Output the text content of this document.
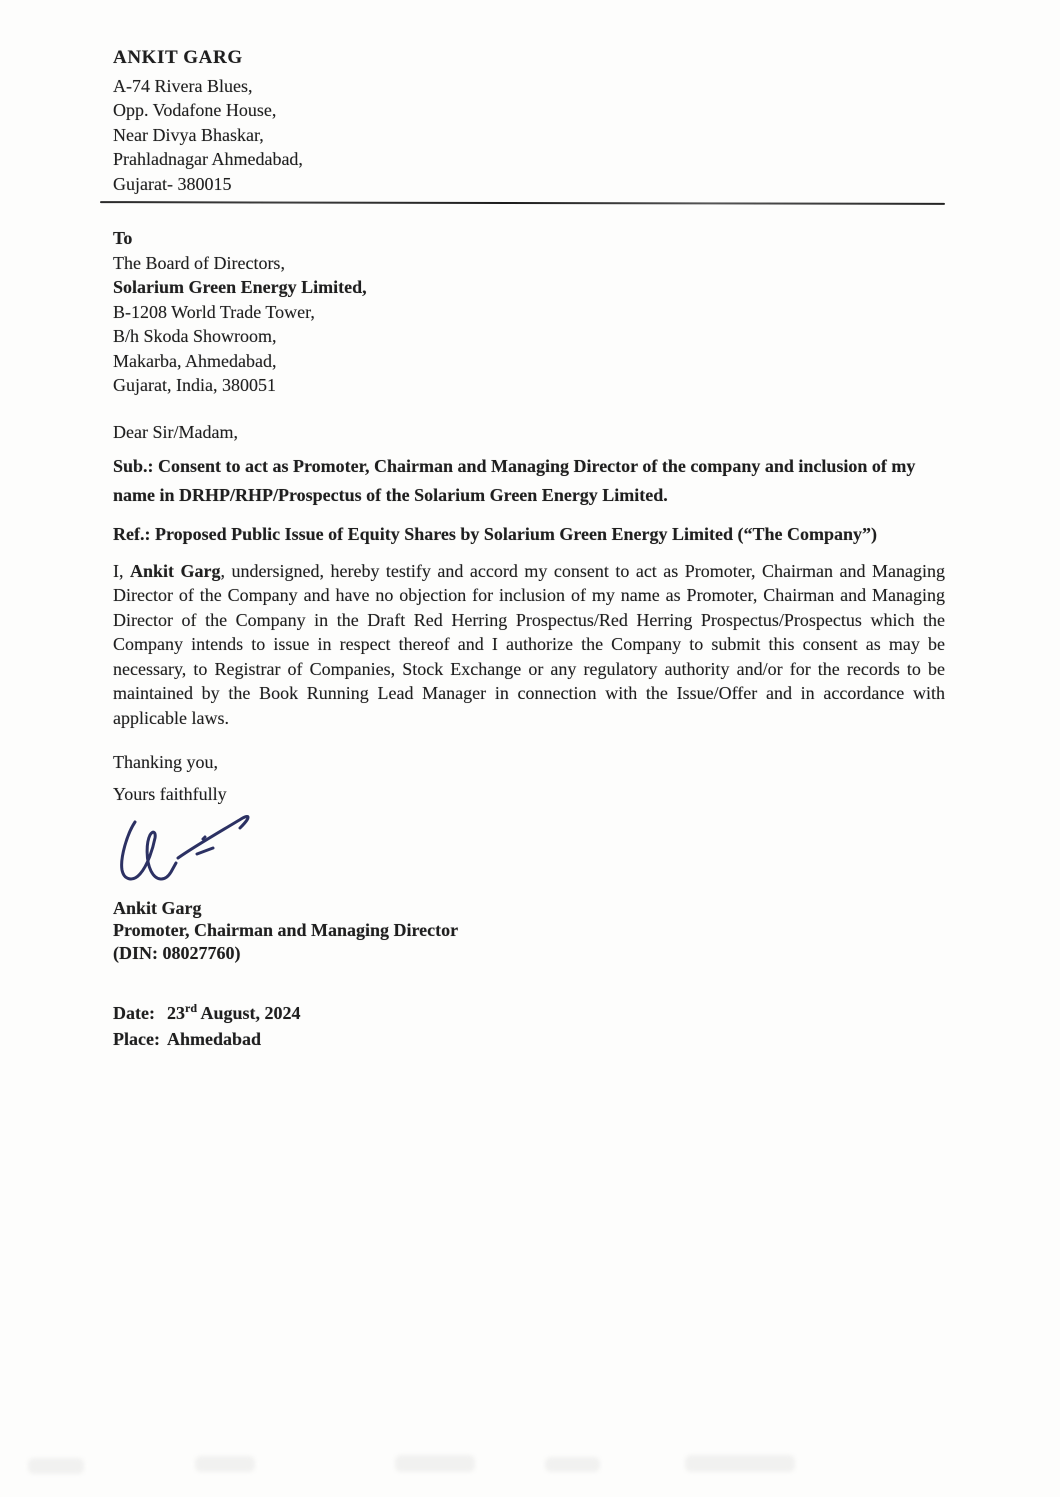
ANKIT GARG
A-74 Rivera Blues,
Opp. Vodafone House,
Near Divya Bhaskar,
Prahladnagar Ahmedabad,
Gujarat- 380015
To
The Board of Directors,
Solarium Green Energy Limited,
B-1208 World Trade Tower,
B/h Skoda Showroom,
Makarba, Ahmedabad,
Gujarat, India, 380051
Dear Sir/Madam,
Sub.: Consent to act as Promoter, Chairman and Managing Director of the company and inclusion of my name in DRHP/RHP/Prospectus of the Solarium Green Energy Limited.
Ref.: Proposed Public Issue of Equity Shares by Solarium Green Energy Limited (“The Company”)
I, Ankit Garg, undersigned, hereby testify and accord my consent to act as Promoter, Chairman and Managing Director of the Company and have no objection for inclusion of my name as Promoter, Chairman and Managing Director of the Company in the Draft Red Herring Prospectus/Red Herring Prospectus/Prospectus which the Company intends to issue in respect thereof and I authorize the Company to submit this consent as may be necessary, to Registrar of Companies, Stock Exchange or any regulatory authority and/or for the records to be maintained by the Book Running Lead Manager in connection with the Issue/Offer and in accordance with applicable laws.
Thanking you,
Yours faithfully
Ankit Garg
Promoter, Chairman and Managing Director
(DIN: 08027760)
Date: 23rd August, 2024
Place: Ahmedabad
